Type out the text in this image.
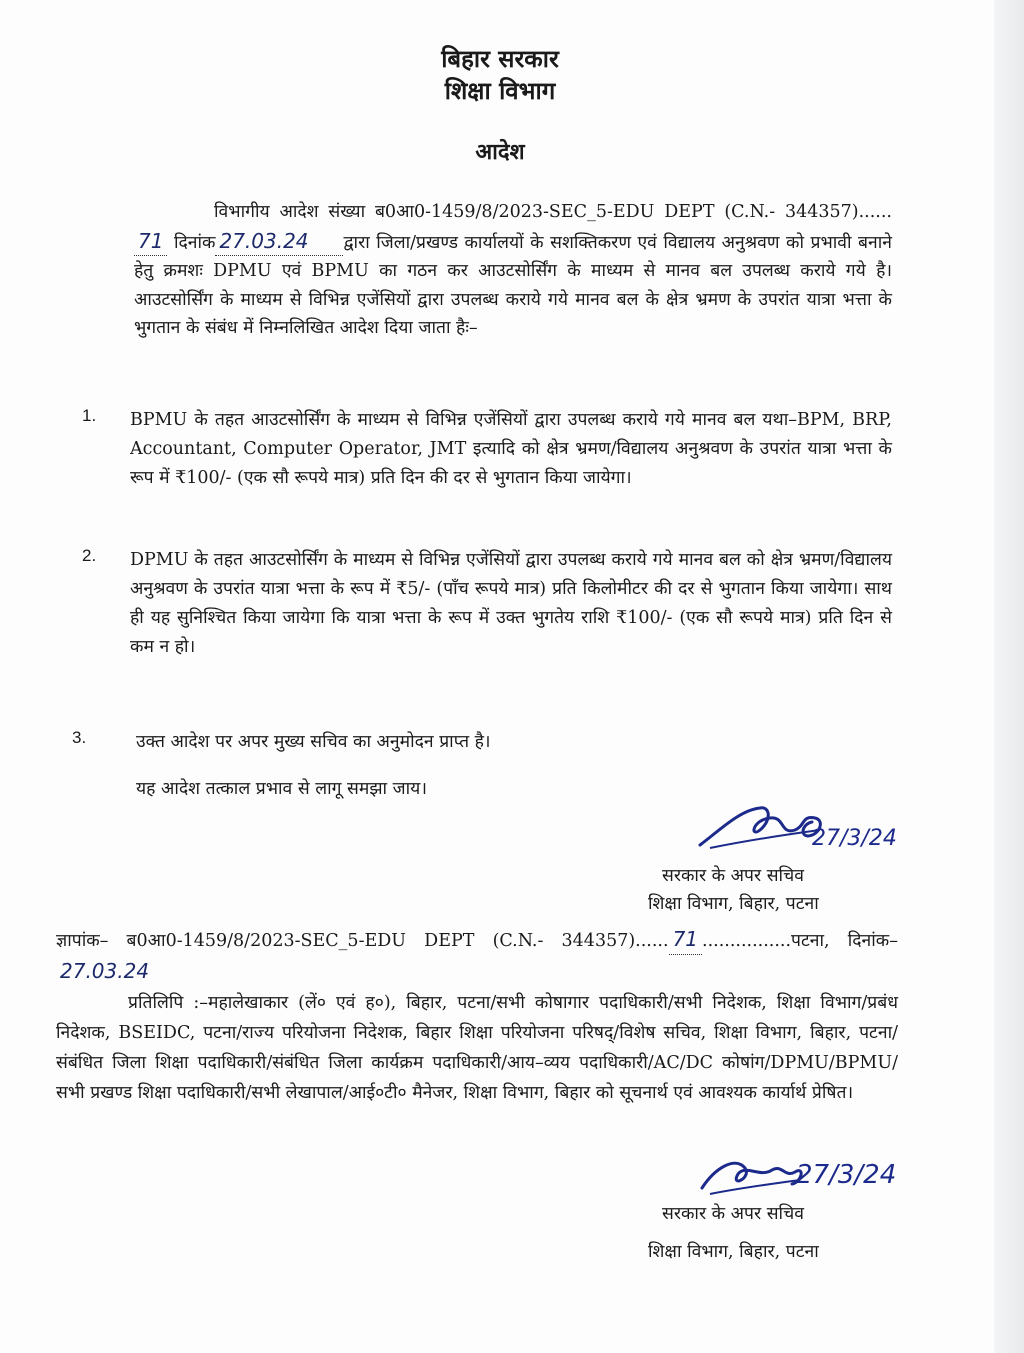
बिहार सरकार
शिक्षा विभाग
आदेश
विभागीय आदेश संख्या ब0आ0-1459/8/2023-SEC_5-EDU DEPT (C.N.- 344357)......71 दिनांक 27.03.24 द्वारा जिला/प्रखण्ड कार्यालयों के सशक्तिकरण एवं विद्यालय अनुश्रवण को प्रभावी बनाने हेतु क्रमशः DPMU एवं BPMU का गठन कर आउटसोर्सिंग के माध्यम से मानव बल उपलब्ध कराये गये है। आउटसोर्सिंग के माध्यम से विभिन्न एजेंसियों द्वारा उपलब्ध कराये गये मानव बल के क्षेत्र भ्रमण के उपरांत यात्रा भत्ता के भुगतान के संबंध में निम्नलिखित आदेश दिया जाता हैः–
1. BPMU के तहत आउटसोर्सिंग के माध्यम से विभिन्न एजेंसियों द्वारा उपलब्ध कराये गये मानव बल यथा–BPM, BRP, Accountant, Computer Operator, JMT इत्यादि को क्षेत्र भ्रमण/विद्यालय अनुश्रवण के उपरांत यात्रा भत्ता के रूप में ₹100/- (एक सौ रूपये मात्र) प्रति दिन की दर से भुगतान किया जायेगा।
2. DPMU के तहत आउटसोर्सिंग के माध्यम से विभिन्न एजेंसियों द्वारा उपलब्ध कराये गये मानव बल को क्षेत्र भ्रमण/विद्यालय अनुश्रवण के उपरांत यात्रा भत्ता के रूप में ₹5/- (पाँच रूपये मात्र) प्रति किलोमीटर की दर से भुगतान किया जायेगा। साथ ही यह सुनिश्चित किया जायेगा कि यात्रा भत्ता के रूप में उक्त भुगतेय राशि ₹100/- (एक सौ रूपये मात्र) प्रति दिन से कम न हो।
3.	उक्त आदेश पर अपर मुख्य सचिव का अनुमोदन प्राप्त है।
यह आदेश तत्काल प्रभाव से लागू समझा जाय।
27/3/24
सरकार के अपर सचिव
शिक्षा विभाग, बिहार, पटना
ज्ञापांक– ब0आ0-1459/8/2023-SEC_5-EDU DEPT (C.N.- 344357)...... 71 ................पटना, दिनांक–27.03.24
प्रतिलिपि :–महालेखाकार (लें० एवं ह०), बिहार, पटना/सभी कोषागार पदाधिकारी/सभी निदेशक, शिक्षा विभाग/प्रबंध निदेशक, BSEIDC, पटना/राज्य परियोजना निदेशक, बिहार शिक्षा परियोजना परिषद्/विशेष सचिव, शिक्षा विभाग, बिहार, पटना/संबंधित जिला शिक्षा पदाधिकारी/संबंधित जिला कार्यक्रम पदाधिकारी/आय–व्यय पदाधिकारी/AC/DC कोषांग/DPMU/BPMU/सभी प्रखण्ड शिक्षा पदाधिकारी/सभी लेखापाल/आई०टी० मैनेजर, शिक्षा विभाग, बिहार को सूचनार्थ एवं आवश्यक कार्यार्थ प्रेषित।
27/3/24
सरकार के अपर सचिव
शिक्षा विभाग, बिहार, पटना
